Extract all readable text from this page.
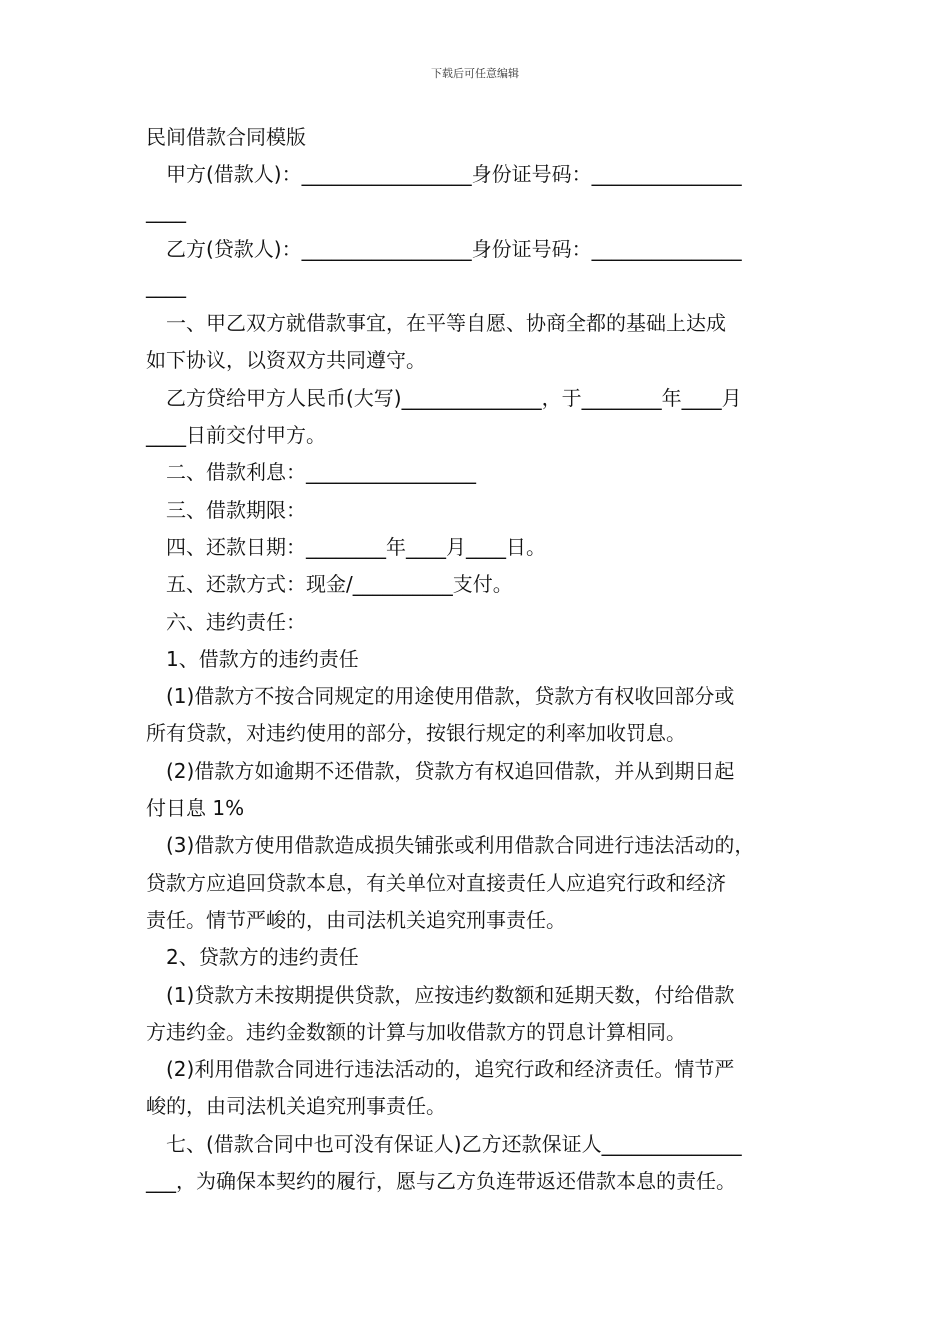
下载后可任意编辑

民间借款合同模版

甲方(借款人)：_________________身份证号码：_______________

____

乙方(贷款人)：_________________身份证号码：_______________

____

一、甲乙双方就借款事宜，在平等自愿、协商全都的基础上达成

如下协议，以资双方共同遵守。

乙方贷给甲方人民币(大写)______________，于________年____月

____日前交付甲方。

二、借款利息：_________________

三、借款期限：

四、还款日期：________年____月____日。

五、还款方式：现金/__________支付。

六、违约责任：

1、借款方的违约责任

(1)借款方不按合同规定的用途使用借款，贷款方有权收回部分或

所有贷款，对违约使用的部分，按银行规定的利率加收罚息。

(2)借款方如逾期不还借款，贷款方有权追回借款，并从到期日起

付日息 1%

(3)借款方使用借款造成损失铺张或利用借款合同进行违法活动的，

贷款方应追回贷款本息，有关单位对直接责任人应追究行政和经济

责任。情节严峻的，由司法机关追究刑事责任。

2、贷款方的违约责任

(1)贷款方未按期提供贷款，应按违约数额和延期天数，付给借款

方违约金。违约金数额的计算与加收借款方的罚息计算相同。

(2)利用借款合同进行违法活动的，追究行政和经济责任。情节严

峻的，由司法机关追究刑事责任。

七、(借款合同中也可没有保证人)乙方还款保证人______________

___，为确保本契约的履行，愿与乙方负连带返还借款本息的责任。
